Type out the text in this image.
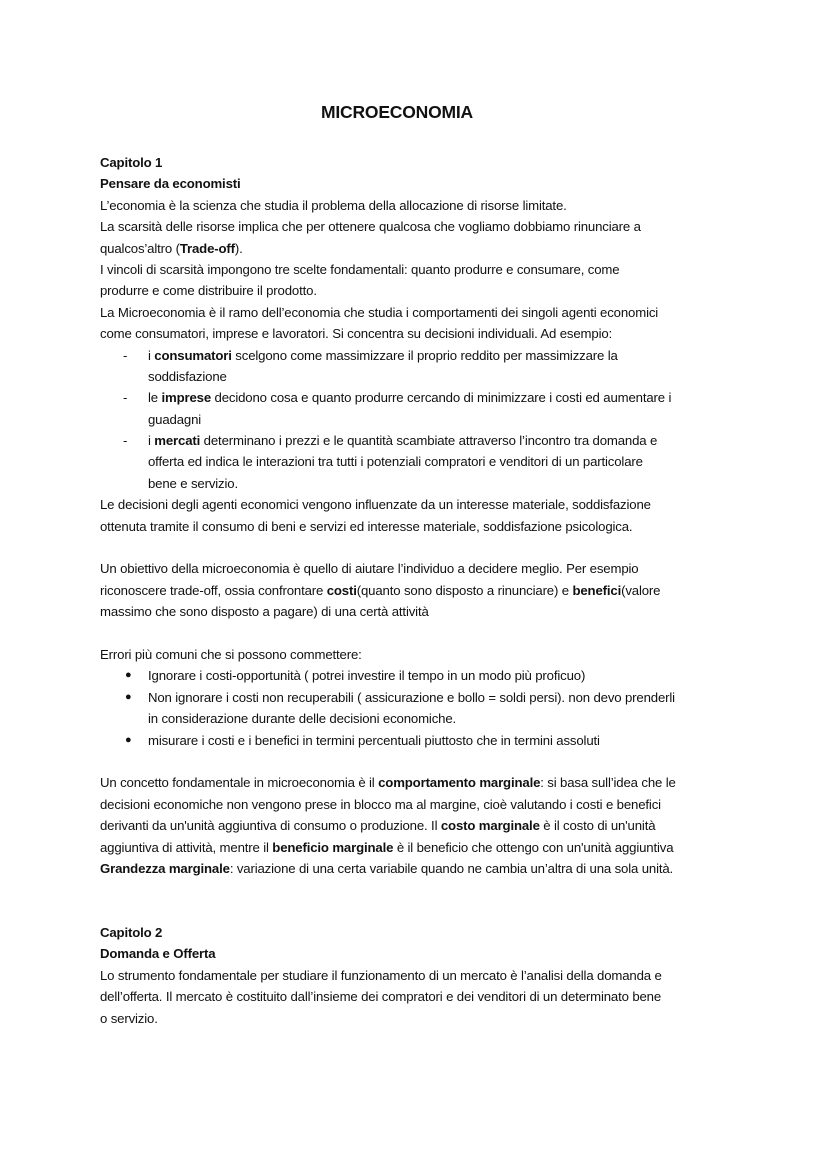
MICROECONOMIA
Capitolo 1
Pensare da economisti
L’economia è la scienza che studia il problema della allocazione di risorse limitate.
La scarsità delle risorse implica che per ottenere qualcosa che vogliamo dobbiamo rinunciare a
qualcos’altro (Trade-off).
I vincoli di scarsità impongono tre scelte fondamentali: quanto produrre e consumare, come
produrre e come distribuire il prodotto.
La Microeconomia è il ramo dell’economia che studia i comportamenti dei singoli agenti economici
come consumatori, imprese e lavoratori. Si concentra su decisioni individuali. Ad esempio:
- i consumatori scelgono come massimizzare il proprio reddito per massimizzare la
soddisfazione
- le imprese decidono cosa e quanto produrre cercando di minimizzare i costi ed aumentare i
guadagni
- i mercati determinano i prezzi e le quantità scambiate attraverso l’incontro tra domanda e
offerta ed indica le interazioni tra tutti i potenziali compratori e venditori di un particolare
bene e servizio.
Le decisioni degli agenti economici vengono influenzate da un interesse materiale, soddisfazione
ottenuta tramite il consumo di beni e servizi ed interesse materiale, soddisfazione psicologica.
Un obiettivo della microeconomia è quello di aiutare l’individuo a decidere meglio. Per esempio
riconoscere trade-off, ossia confrontare costi(quanto sono disposto a rinunciare) e benefici(valore
massimo che sono disposto a pagare) di una certà attività
Errori più comuni che si possono commettere:
● Ignorare i costi-opportunità ( potrei investire il tempo in un modo più proficuo)
● Non ignorare i costi non recuperabili ( assicurazione e bollo = soldi persi). non devo prenderli
in considerazione durante delle decisioni economiche.
● misurare i costi e i benefici in termini percentuali piuttosto che in termini assoluti
Un concetto fondamentale in microeconomia è il comportamento marginale: si basa sull’idea che le
decisioni economiche non vengono prese in blocco ma al margine, cioè valutando i costi e benefici
derivanti da un'unità aggiuntiva di consumo o produzione. Il costo marginale è il costo di un'unità
aggiuntiva di attività, mentre il beneficio marginale è il beneficio che ottengo con un'unità aggiuntiva
Grandezza marginale: variazione di una certa variabile quando ne cambia un’altra di una sola unità.
Capitolo 2
Domanda e Offerta
Lo strumento fondamentale per studiare il funzionamento di un mercato è l’analisi della domanda e
dell’offerta. Il mercato è costituito dall’insieme dei compratori e dei venditori di un determinato bene
o servizio.
